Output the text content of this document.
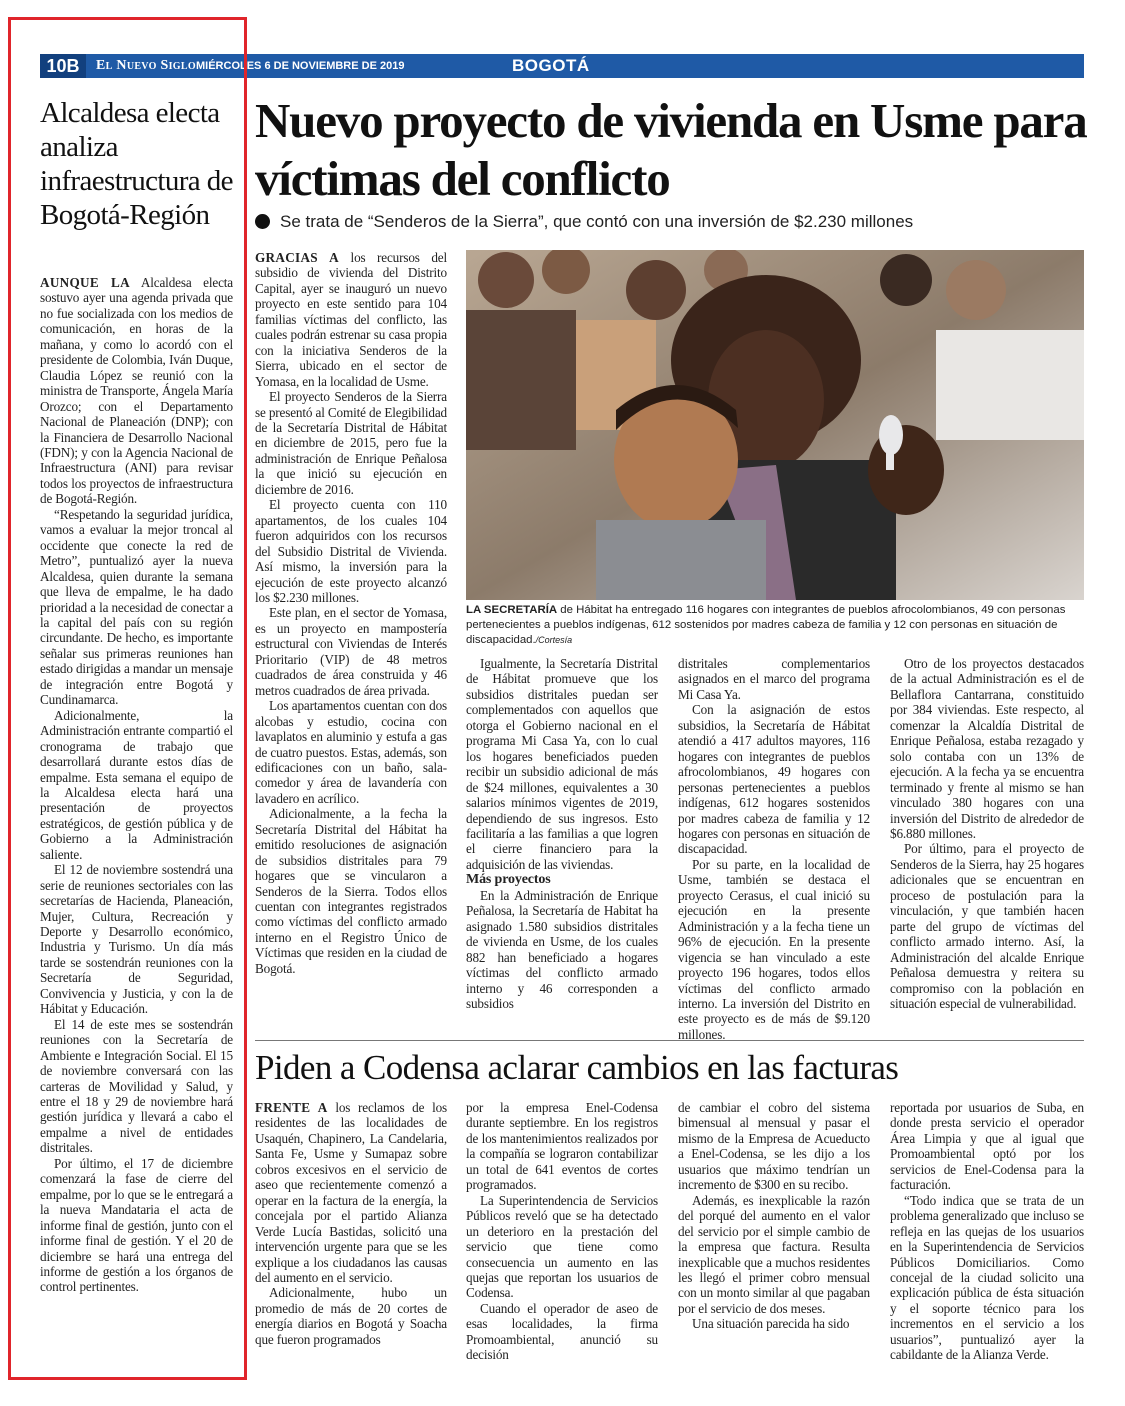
10B	El Nuevo Siglo MIÉRCOLES 6 DE NOVIEMBRE DE 2019	BOGOTÁ
Alcaldesa electa analiza infraestructura de Bogotá-Región

AUNQUE LA Alcaldesa electa sostuvo ayer una agenda privada que no fue socializada con los medios de comunicación, en horas de la mañana, y como lo acordó con el presidente de Colombia, Iván Duque, Claudia López se reunió con la ministra de Transporte, Ángela María Orozco; con el Departamento Nacional de Planeación (DNP); con la Financiera de Desarrollo Nacional (FDN); y con la Agencia Nacional de Infraestructura (ANI) para revisar todos los proyectos de infraestructura de Bogotá-Región.

“Respetando la seguridad jurídica, vamos a evaluar la mejor troncal al occidente que conecte la red de Metro”, puntualizó ayer la nueva Alcaldesa, quien durante la semana que lleva de empalme, le ha dado prioridad a la necesidad de conectar a la capital del país con su región circundante. De hecho, es importante señalar sus primeras reuniones han estado dirigidas a mandar un mensaje de integración entre Bogotá y Cundinamarca.

Adicionalmente, la Administración entrante compartió el cronograma de trabajo que desarrollará durante estos días de empalme. Esta semana el equipo de la Alcaldesa electa hará una presentación de proyectos estratégicos, de gestión pública y de Gobierno a la Administración saliente.

El 12 de noviembre sostendrá una serie de reuniones sectoriales con las secretarías de Hacienda, Planeación, Mujer, Cultura, Recreación y Deporte y Desarrollo económico, Industria y Turismo. Un día más tarde se sostendrán reuniones con la Secretaría de Seguridad, Convivencia y Justicia, y con la de Hábitat y Educación.

El 14 de este mes se sostendrán reuniones con la Secretaría de Ambiente e Integración Social. El 15 de noviembre conversará con las carteras de Movilidad y Salud, y entre el 18 y 29 de noviembre hará gestión jurídica y llevará a cabo el empalme a nivel de entidades distritales.

Por último, el 17 de diciembre comenzará la fase de cierre del empalme, por lo que se le entregará a la nueva Mandataria el acta de informe final de gestión, junto con el informe final de gestión. Y el 20 de diciembre se hará una entrega del informe de gestión a los órganos de control pertinentes.

Nuevo proyecto de vivienda en Usme para víctimas del conflicto
Se trata de “Senderos de la Sierra”, que contó con una inversión de $2.230 millones

GRACIAS A los recursos del subsidio de vivienda del Distrito Capital, ayer se inauguró un nuevo proyecto en este sentido para 104 familias víctimas del conflicto, las cuales podrán estrenar su casa propia con la iniciativa Senderos de la Sierra, ubicado en el sector de Yomasa, en la localidad de Usme.

El proyecto Senderos de la Sierra se presentó al Comité de Elegibilidad de la Secretaría Distrital de Hábitat en diciembre de 2015, pero fue la administración de Enrique Peñalosa la que inició su ejecución en diciembre de 2016.

El proyecto cuenta con 110 apartamentos, de los cuales 104 fueron adquiridos con los recursos del Subsidio Distrital de Vivienda. Así mismo, la inversión para la ejecución de este proyecto alcanzó los $2.230 millones.

Este plan, en el sector de Yomasa, es un proyecto en mampostería estructural con Viviendas de Interés Prioritario (VIP) de 48 metros cuadrados de área construida y 46 metros cuadrados de área privada.

Los apartamentos cuentan con dos alcobas y estudio, cocina con lavaplatos en aluminio y estufa a gas de cuatro puestos. Estas, además, son edificaciones con un baño, sala-comedor y área de lavandería con lavadero en acrílico.

Adicionalmente, a la fecha la Secretaría Distrital del Hábitat ha emitido resoluciones de asignación de subsidios distritales para 79 hogares que se vincularon a Senderos de la Sierra. Todos ellos cuentan con integrantes registrados como víctimas del conflicto armado interno en el Registro Único de Víctimas que residen en la ciudad de Bogotá.

LA SECRETARÍA de Hábitat ha entregado 116 hogares con integrantes de pueblos afrocolombianos, 49 con personas pertenecientes a pueblos indígenas, 612 sostenidos por madres cabeza de familia y 12 con personas en situación de discapacidad./Cortesía

Igualmente, la Secretaría Distrital de Hábitat promueve que los subsidios distritales puedan ser complementados con aquellos que otorga el Gobierno nacional en el programa Mi Casa Ya, con lo cual los hogares beneficiados pueden recibir un subsidio adicional de más de $24 millones, equivalentes a 30 salarios mínimos vigentes de 2019, dependiendo de sus ingresos. Esto facilitaría a las familias a que logren el cierre financiero para la adquisición de las viviendas.

Más proyectos

En la Administración de Enrique Peñalosa, la Secretaría de Habitat ha asignado 1.580 subsidios distritales de vivienda en Usme, de los cuales 882 han beneficiado a hogares víctimas del conflicto armado interno y 46 corresponden a subsidios

distritales complementarios asignados en el marco del programa Mi Casa Ya.

Con la asignación de estos subsidios, la Secretaría de Hábitat atendió a 417 adultos mayores, 116 hogares con integrantes de pueblos afrocolombianos, 49 hogares con personas pertenecientes a pueblos indígenas, 612 hogares sostenidos por madres cabeza de familia y 12 hogares con personas en situación de discapacidad.

Por su parte, en la localidad de Usme, también se destaca el proyecto Cerasus, el cual inició su ejecución en la presente Administración y a la fecha tiene un 96% de ejecución. En la presente vigencia se han vinculado a este proyecto 196 hogares, todos ellos víctimas del conflicto armado interno. La inversión del Distrito en este proyecto es de más de $9.120 millones.

Otro de los proyectos destacados de la actual Administración es el de Bellaflora Cantarrana, constituido por 384 viviendas. Este respecto, al comenzar la Alcaldía Distrital de Enrique Peñalosa, estaba rezagado y solo contaba con un 13% de ejecución. A la fecha ya se encuentra terminado y frente al mismo se han vinculado 380 hogares con una inversión del Distrito de alrededor de $6.880 millones.

Por último, para el proyecto de Senderos de la Sierra, hay 25 hogares adicionales que se encuentran en proceso de postulación para la vinculación, y que también hacen parte del grupo de víctimas del conflicto armado interno. Así, la Administración del alcalde Enrique Peñalosa demuestra y reitera su compromiso con la población en situación especial de vulnerabilidad.

Piden a Codensa aclarar cambios en las facturas

FRENTE A los reclamos de los residentes de las localidades de Usaquén, Chapinero, La Candelaria, Santa Fe, Usme y Sumapaz sobre cobros excesivos en el servicio de aseo que recientemente comenzó a operar en la factura de la energía, la concejala por el partido Alianza Verde Lucía Bastidas, solicitó una intervención urgente para que se les explique a los ciudadanos las causas del aumento en el servicio.

Adicionalmente, hubo un promedio de más de 20 cortes de energía diarios en Bogotá y Soacha que fueron programados

por la empresa Enel-Codensa durante septiembre. En los registros de los mantenimientos realizados por la compañía se lograron contabilizar un total de 641 eventos de cortes programados.

La Superintendencia de Servicios Públicos reveló que se ha detectado un deterioro en la prestación del servicio que tiene como consecuencia un aumento en las quejas que reportan los usuarios de Codensa.

Cuando el operador de aseo de esas localidades, la firma Promoambiental, anunció su decisión

de cambiar el cobro del sistema bimensual al mensual y pasar el mismo de la Empresa de Acueducto a Enel-Codensa, se les dijo a los usuarios que máximo tendrían un incremento de $300 en su recibo.

Además, es inexplicable la razón del porqué del aumento en el valor del servicio por el simple cambio de la empresa que factura. Resulta inexplicable que a muchos residentes les llegó el primer cobro mensual con un monto similar al que pagaban por el servicio de dos meses.

Una situación parecida ha sido

reportada por usuarios de Suba, en donde presta servicio el operador Área Limpia y que al igual que Promoambiental optó por los servicios de Enel-Codensa para la facturación.

“Todo indica que se trata de un problema generalizado que incluso se refleja en las quejas de los usuarios en la Superintendencia de Servicios Públicos Domiciliarios. Como concejal de la ciudad solicito una explicación pública de ésta situación y el soporte técnico para los incrementos en el servicio a los usuarios”, puntualizó ayer la cabildante de la Alianza Verde.
